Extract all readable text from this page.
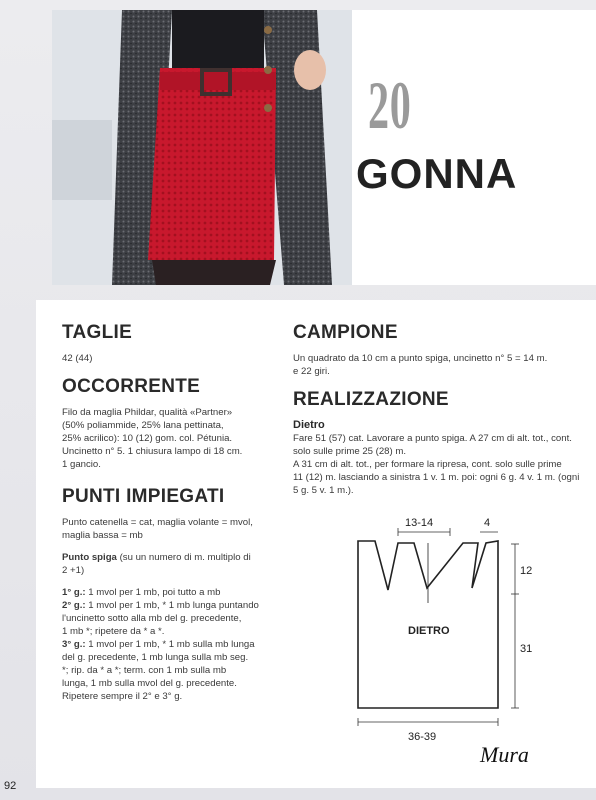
20
GONNA
TAGLIE
42 (44)
OCCORRENTE
Filo da maglia Phildar, qualità «Partner»
(50% poliammide, 25% lana pettinata,
25% acrilico): 10 (12) gom. col. Pétunia.
Uncinetto n° 5. 1 chiusura lampo di 18 cm.
1 gancio.
PUNTI IMPIEGATI
Punto catenella = cat, maglia volante = mvol,
maglia bassa = mb
Punto spiga (su un numero di m. multiplo di
2 +1)
1° g.: 1 mvol per 1 mb, poi tutto a mb
2° g.: 1 mvol per 1 mb, * 1 mb lunga puntando
l'uncinetto sotto alla mb del g. precedente,
1 mb *; ripetere da * a *.
3° g.: 1 mvol per 1 mb, * 1 mb sulla mb lunga
del g. precedente, 1 mb lunga sulla mb seg.
*; rip. da * a *; term. con 1 mb sulla mb
lunga, 1 mb sulla mvol del g. precedente.
Ripetere sempre il 2° e 3° g.
CAMPIONE
Un quadrato da 10 cm a punto spiga, uncinetto n° 5 = 14 m.
e 22 giri.
REALIZZAZIONE
Dietro
Fare 51 (57) cat. Lavorare a punto spiga. A 27 cm di alt. tot., cont.
solo sulle prime 25 (28) m.
A 31 cm di alt. tot., per formare la ripresa, cont. solo sulle prime
11 (12) m. lasciando a sinistra 1 v. 1 m. poi: ogni 6 g. 4 v. 1 m. (ogni
5 g. 5 v. 1 m.).
13-14	4
DIETRO
12
31
36-39
Mura
92
